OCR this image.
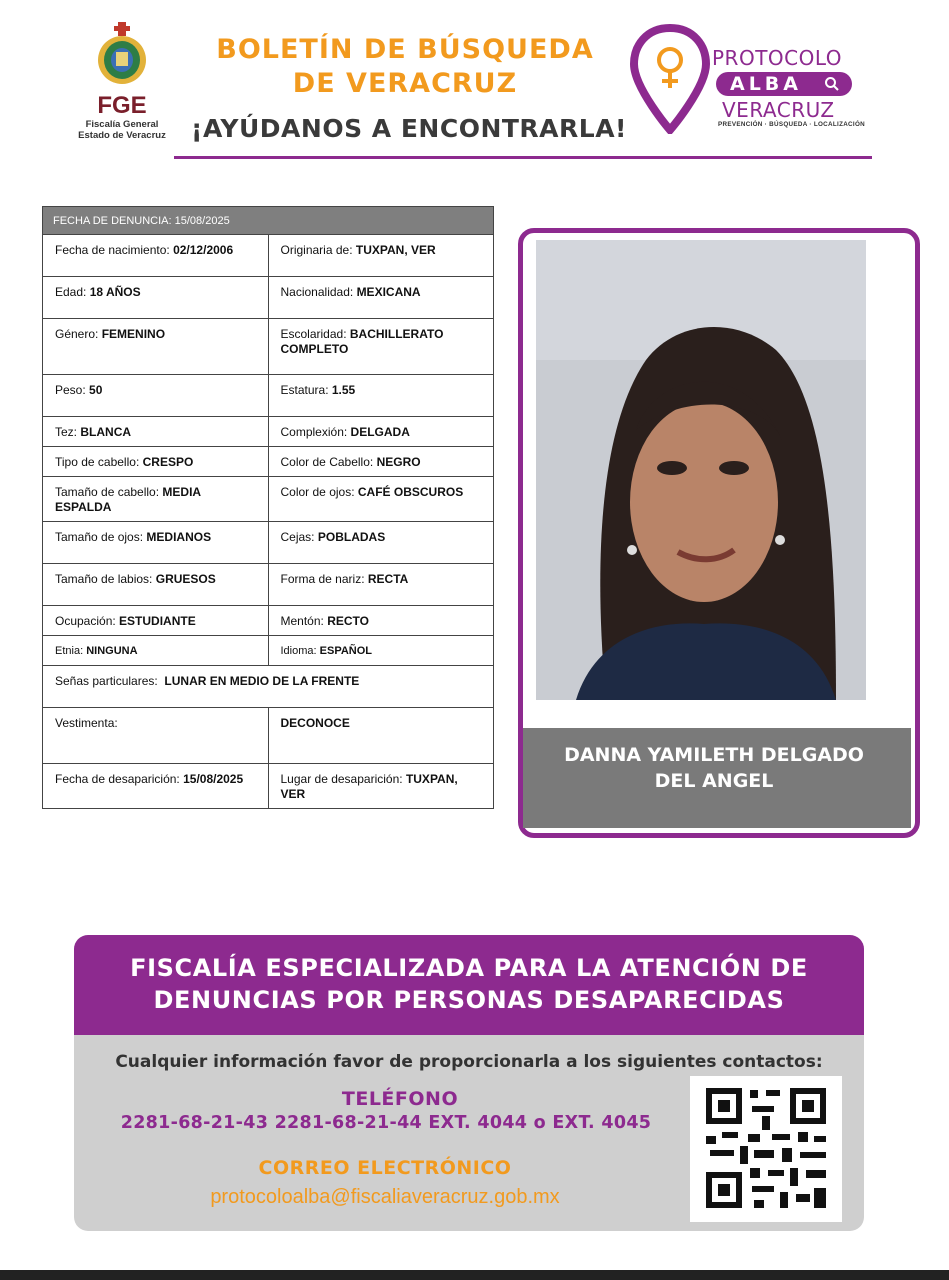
FGE
Fiscalía General
Estado de Veracruz
BOLETÍN DE BÚSQUEDA
DE VERACRUZ
¡AYÚDANOS A ENCONTRARLA!
PROTOCOLO
ALBA
VERACRUZ
PREVENCIÓN · BÚSQUEDA · LOCALIZACIÓN
FECHA DE DENUNCIA: 15/08/2025	
Fecha de nacimiento: 02/12/2006	Originaria de: TUXPAN, VER
Edad: 18 AÑOS	Nacionalidad: MEXICANA
Género: FEMENINO	Escolaridad: BACHILLERATO COMPLETO
Peso: 50	Estatura: 1.55
Tez: BLANCA	Complexión: DELGADA
Tipo de cabello: CRESPO	Color de Cabello: NEGRO
Tamaño de cabello: MEDIA ESPALDA	Color de ojos: CAFÉ OBSCUROS
Tamaño de ojos: MEDIANOS	Cejas: POBLADAS
Tamaño de labios: GRUESOS	Forma de nariz: RECTA
Ocupación: ESTUDIANTE	Mentón: RECTO
Etnia: NINGUNA	Idioma: ESPAÑOL
Señas particulares: LUNAR EN MEDIO DE LA FRENTE	
Vestimenta:	DECONOCE
Fecha de desaparición: 15/08/2025	Lugar de desaparición: TUXPAN, VER
DANNA YAMILETH DELGADO
DEL ANGEL
FISCALÍA ESPECIALIZADA PARA LA ATENCIÓN DE
DENUNCIAS POR PERSONAS DESAPARECIDAS
Cualquier información favor de proporcionarla a los siguientes contactos:
TELÉFONO
2281-68-21-43 2281-68-21-44 EXT. 4044 o EXT. 4045
CORREO ELECTRÓNICO
protocoloalba@fiscaliaveracruz.gob.mx
